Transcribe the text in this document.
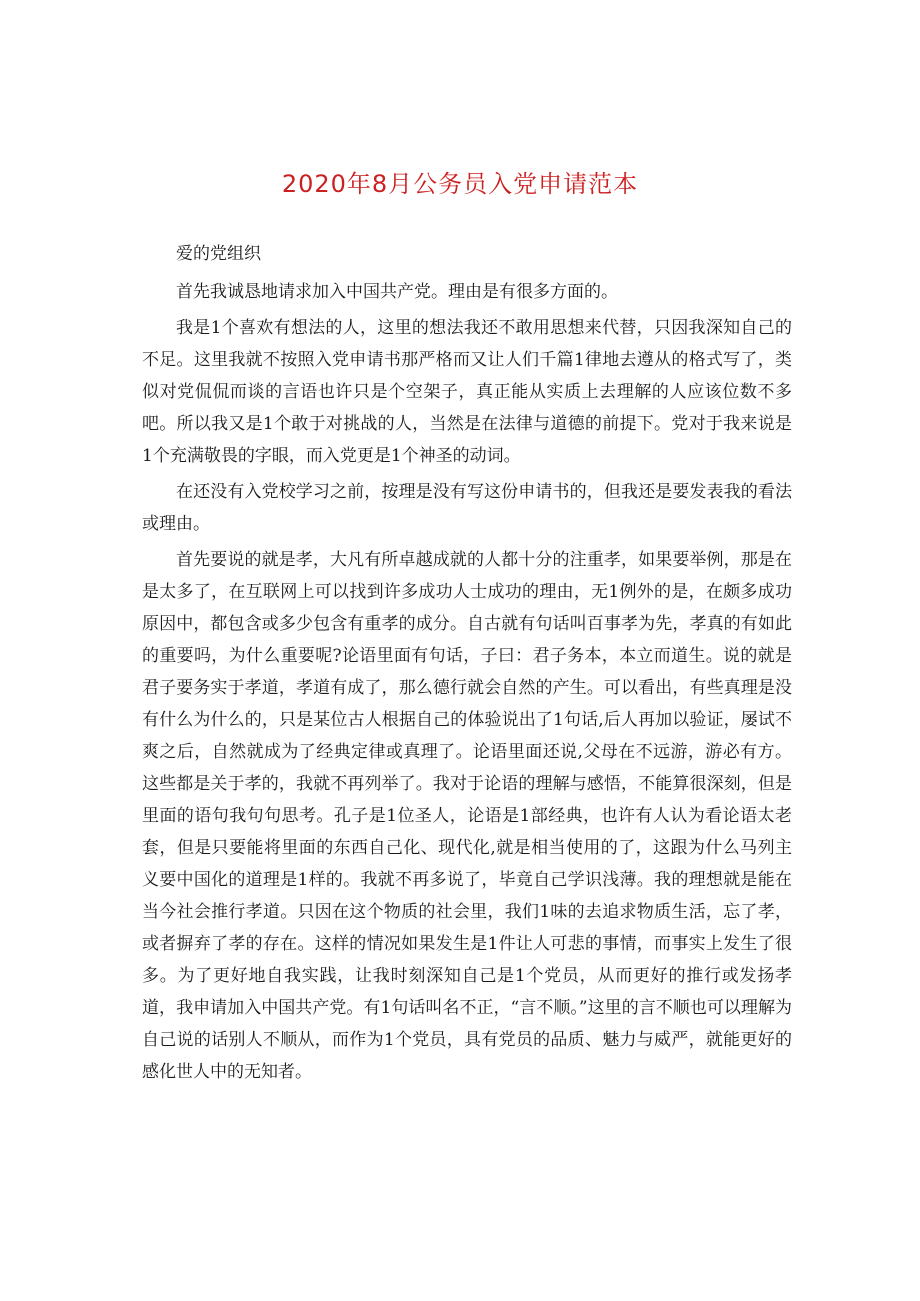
2020年8月公务员入党申请范本

爱的党组织

首先我诚恳地请求加入中国共产党。理由是有很多方面的。

我是1个喜欢有想法的人，这里的想法我还不敢用思想来代替，只因我深知自己的不足。这里我就不按照入党申请书那严格而又让人们千篇1律地去遵从的格式写了，类似对党侃侃而谈的言语也许只是个空架子，真正能从实质上去理解的人应该位数不多吧。所以我又是1个敢于对挑战的人，当然是在法律与道德的前提下。党对于我来说是1个充满敬畏的字眼，而入党更是1个神圣的动词。

在还没有入党校学习之前，按理是没有写这份申请书的，但我还是要发表我的看法或理由。

首先要说的就是孝，大凡有所卓越成就的人都十分的注重孝，如果要举例，那是在是太多了，在互联网上可以找到许多成功人士成功的理由，无1例外的是，在颇多成功原因中，都包含或多少包含有重孝的成分。自古就有句话叫百事孝为先，孝真的有如此的重要吗，为什么重要呢?论语里面有句话，子曰：君子务本，本立而道生。说的就是君子要务实于孝道，孝道有成了，那么德行就会自然的产生。可以看出，有些真理是没有什么为什么的，只是某位古人根据自己的体验说出了1句话,后人再加以验证，屡试不爽之后，自然就成为了经典定律或真理了。论语里面还说,父母在不远游，游必有方。这些都是关于孝的，我就不再列举了。我对于论语的理解与感悟，不能算很深刻，但是里面的语句我句句思考。孔子是1位圣人，论语是1部经典，也许有人认为看论语太老套，但是只要能将里面的东西自己化、现代化,就是相当使用的了，这跟为什么马列主义要中国化的道理是1样的。我就不再多说了，毕竟自己学识浅薄。我的理想就是能在当今社会推行孝道。只因在这个物质的社会里，我们1味的去追求物质生活，忘了孝，或者摒弃了孝的存在。这样的情况如果发生是1件让人可悲的事情，而事实上发生了很多。为了更好地自我实践，让我时刻深知自己是1个党员，从而更好的推行或发扬孝道，我申请加入中国共产党。有1句话叫名不正，“言不顺。”这里的言不顺也可以理解为自己说的话别人不顺从，而作为1个党员，具有党员的品质、魅力与威严，就能更好的感化世人中的无知者。
